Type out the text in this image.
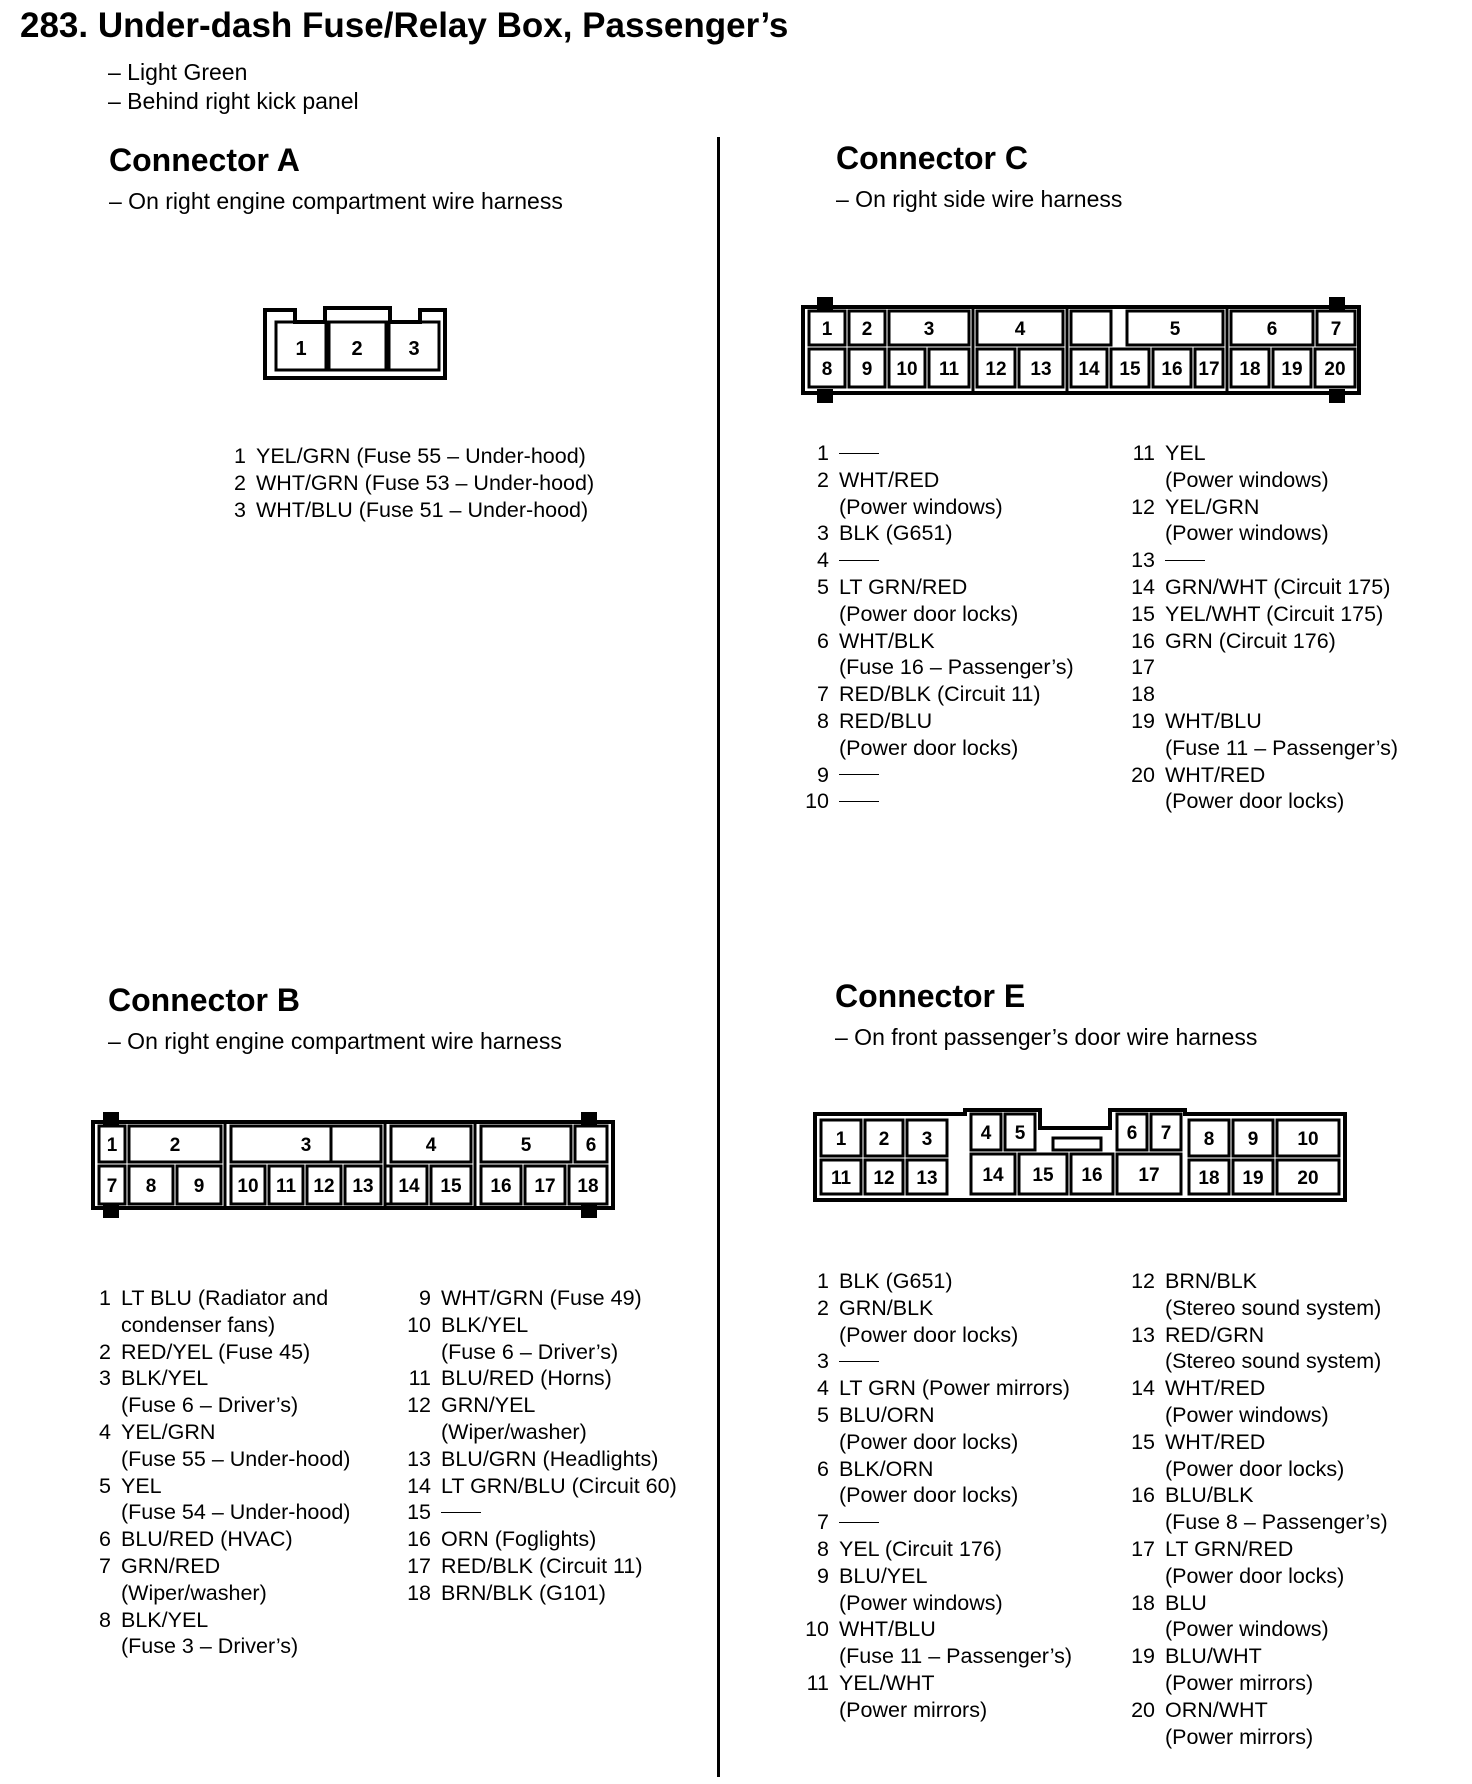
283. Under-dash Fuse/Relay Box, Passenger’s
– Light Green
– Behind right kick panel
Connector A
– On right engine compartment wire harness
1 2 3
1 YEL/GRN (Fuse 55 – Under-hood)
2 WHT/GRN (Fuse 53 – Under-hood)
3 WHT/BLU (Fuse 51 – Under-hood)
Connector C
– On right side wire harness
1 2	3	4	5	6	7
8 9 10 11 12 13 14 15 16 17 18 19 20
1
2 WHT/RED
(Power windows)
3 BLK (G651)
4
5 LT GRN/RED
(Power door locks)
6 WHT/BLK
(Fuse 16 – Passenger’s)
7 RED/BLK (Circuit 11)
8 RED/BLU
(Power door locks)
9
10
11 YEL
(Power windows)
12 YEL/GRN
(Power windows)
13
14 GRN/WHT (Circuit 175)
15 YEL/WHT (Circuit 175)
16 GRN (Circuit 176)
17

18

19 WHT/BLU
(Fuse 11 – Passenger’s)
20 WHT/RED
(Power door locks)
Connector B
– On right engine compartment wire harness
1	2	3	4	5	6
7 8 9 10 11 12 13 14 15 16 17 18
1 LT BLU (Radiator and
condenser fans)
2 RED/YEL (Fuse 45)
3 BLK/YEL
(Fuse 6 – Driver’s)
4 YEL/GRN
(Fuse 55 – Under-hood)
5 YEL
(Fuse 54 – Under-hood)
6 BLU/RED (HVAC)
7 GRN/RED
(Wiper/washer)
8 BLK/YEL
(Fuse 3 – Driver’s)
9 WHT/GRN (Fuse 49)
10 BLK/YEL
(Fuse 6 – Driver’s)
11 BLU/RED (Horns)
12 GRN/YEL
(Wiper/washer)
13 BLU/GRN (Headlights)
14 LT GRN/BLU (Circuit 60)
15
16 ORN (Foglights)
17 RED/BLK (Circuit 11)
18 BRN/BLK (G101)
Connector E
– On front passenger’s door wire harness
1 2 3	4 5	6 7 8 9 10
11 12 13 14 15 16 17 18 19 20
1 BLK (G651)
2 GRN/BLK
(Power door locks)
3
4 LT GRN (Power mirrors)
5 BLU/ORN
(Power door locks)
6 BLK/ORN
(Power door locks)
7
8 YEL (Circuit 176)
9 BLU/YEL
(Power windows)
10 WHT/BLU
(Fuse 11 – Passenger’s)
11 YEL/WHT
(Power mirrors)
12 BRN/BLK
(Stereo sound system)
13 RED/GRN
(Stereo sound system)
14 WHT/RED
(Power windows)
15 WHT/RED
(Power door locks)
16 BLU/BLK
(Fuse 8 – Passenger’s)
17 LT GRN/RED
(Power door locks)
18 BLU
(Power windows)
19 BLU/WHT
(Power mirrors)
20 ORN/WHT
(Power mirrors)
